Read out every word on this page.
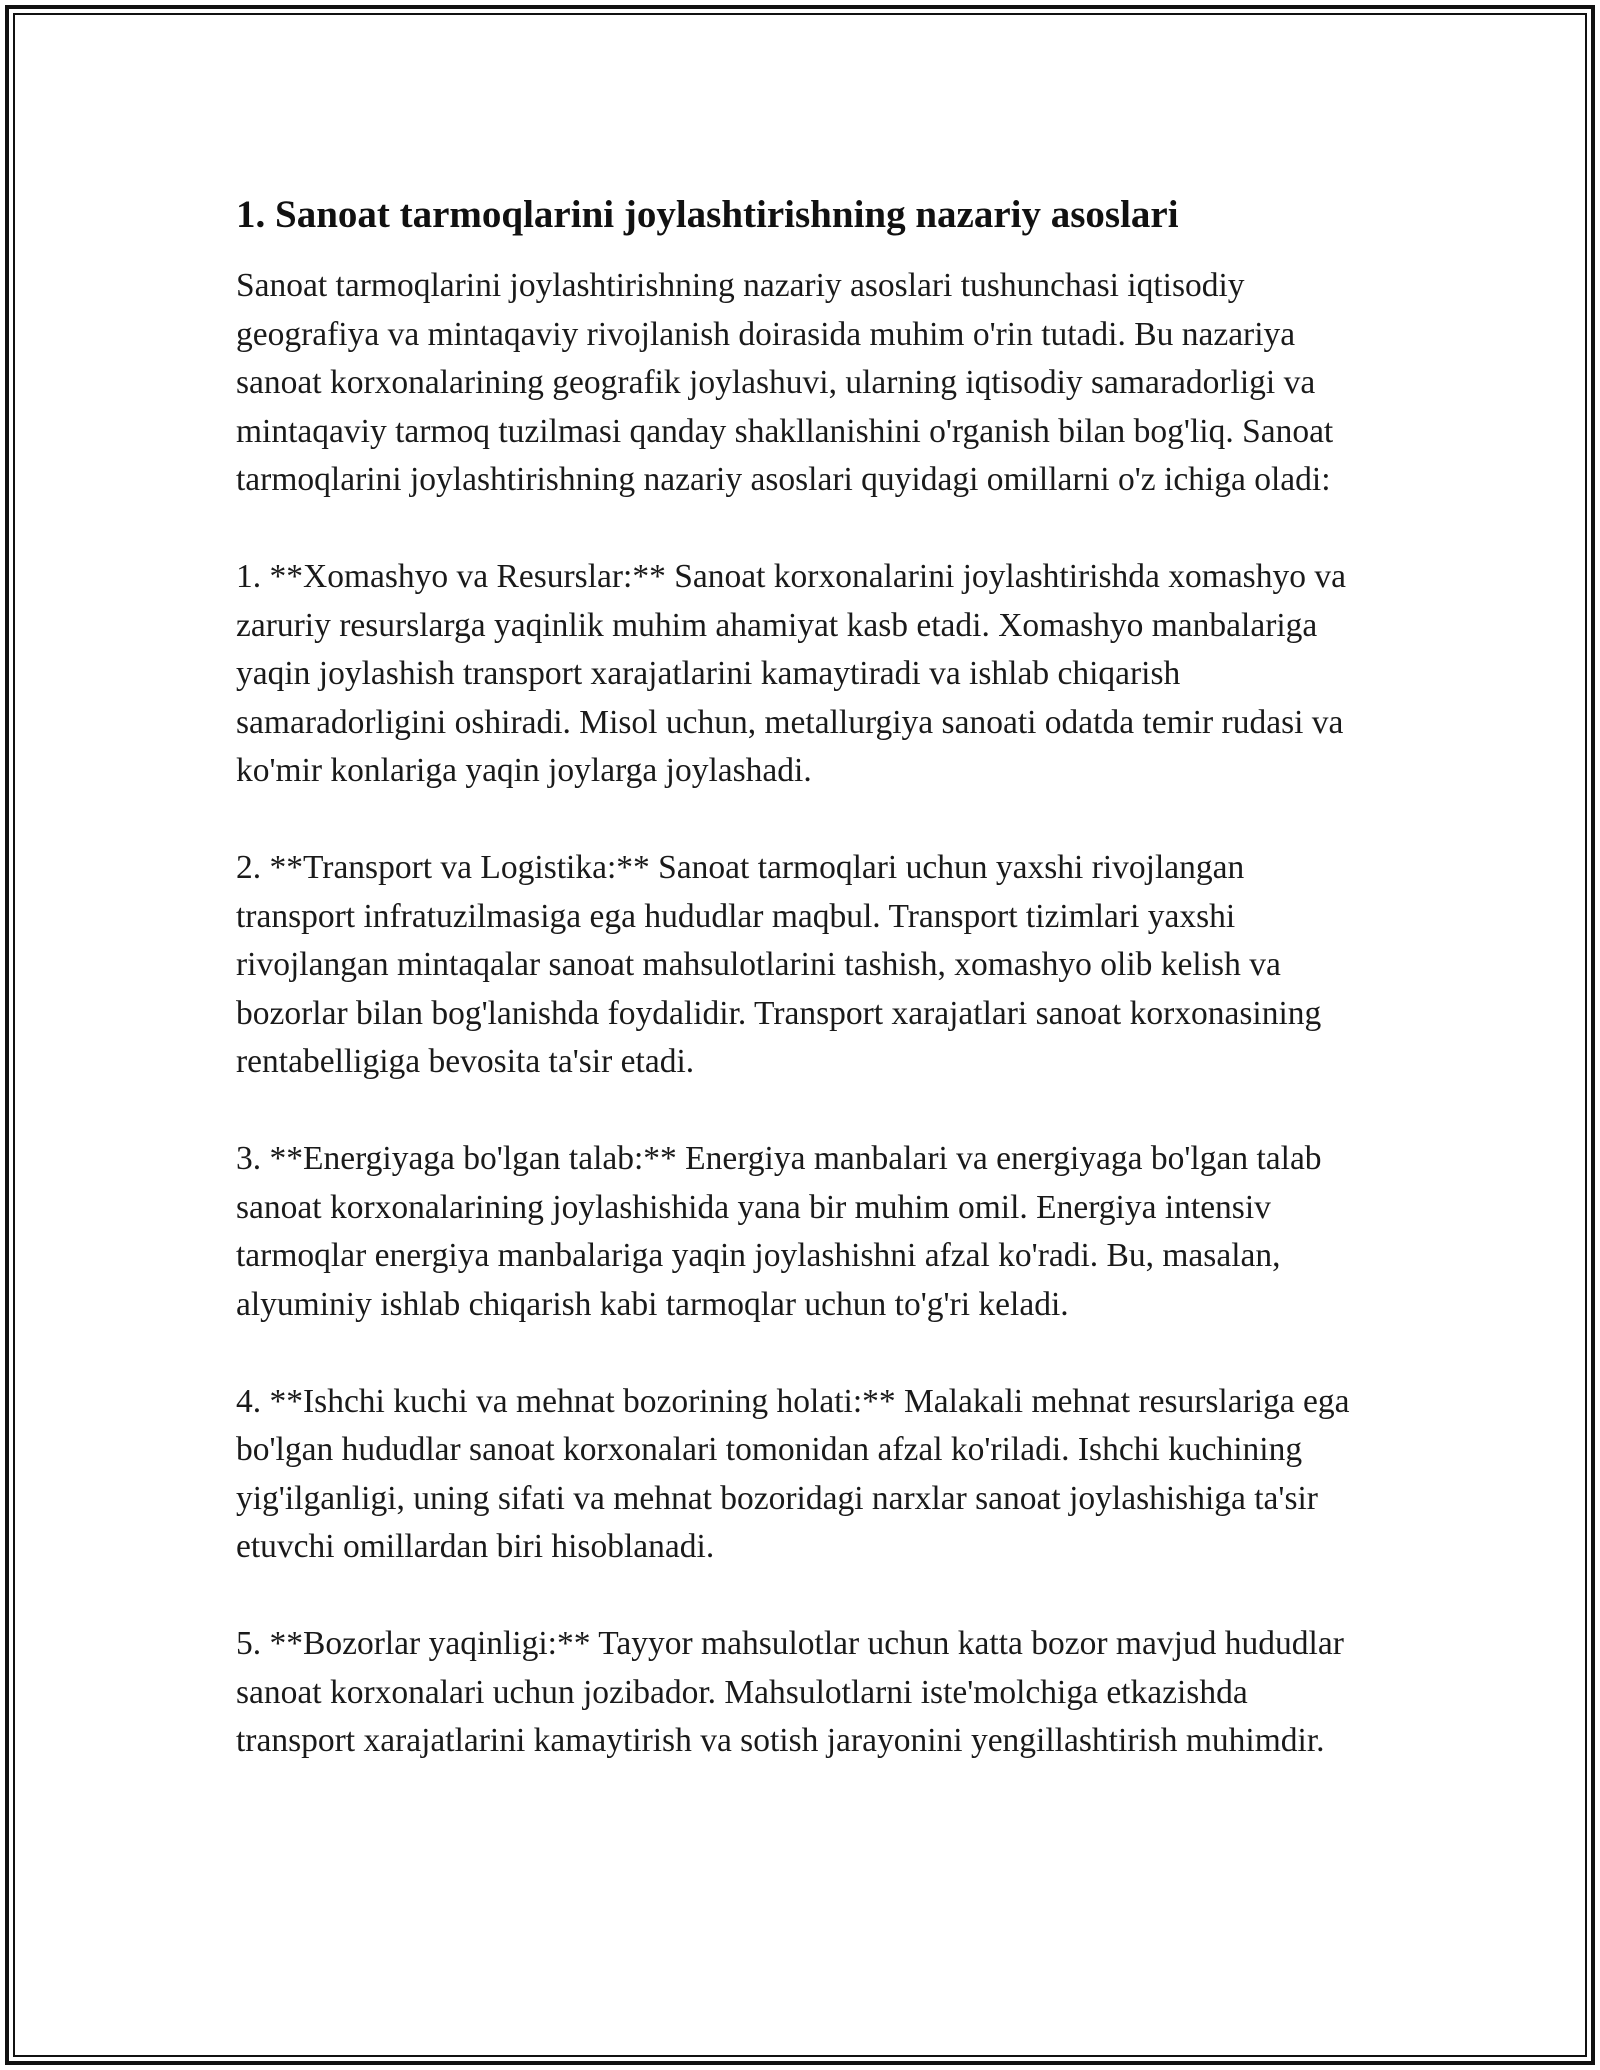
1. Sanoat tarmoqlarini joylashtirishning nazariy asoslari

Sanoat tarmoqlarini joylashtirishning nazariy asoslari tushunchasi iqtisodiy geografiya va mintaqaviy rivojlanish doirasida muhim o'rin tutadi. Bu nazariya sanoat korxonalarining geografik joylashuvi, ularning iqtisodiy samaradorligi va mintaqaviy tarmoq tuzilmasi qanday shakllanishini o'rganish bilan bog'liq. Sanoat tarmoqlarini joylashtirishning nazariy asoslari quyidagi omillarni o'z ichiga oladi:

1. **Xomashyo va Resurslar:** Sanoat korxonalarini joylashtirishda xomashyo va zaruriy resurslarga yaqinlik muhim ahamiyat kasb etadi. Xomashyo manbalariga yaqin joylashish transport xarajatlarini kamaytiradi va ishlab chiqarish samaradorligini oshiradi. Misol uchun, metallurgiya sanoati odatda temir rudasi va ko'mir konlariga yaqin joylarga joylashadi.

2. **Transport va Logistika:** Sanoat tarmoqlari uchun yaxshi rivojlangan transport infratuzilmasiga ega hududlar maqbul. Transport tizimlari yaxshi rivojlangan mintaqalar sanoat mahsulotlarini tashish, xomashyo olib kelish va bozorlar bilan bog'lanishda foydalidir. Transport xarajatlari sanoat korxonasining rentabelligiga bevosita ta'sir etadi.

3. **Energiyaga bo'lgan talab:** Energiya manbalari va energiyaga bo'lgan talab sanoat korxonalarining joylashishida yana bir muhim omil. Energiya intensiv tarmoqlar energiya manbalariga yaqin joylashishni afzal ko'radi. Bu, masalan, alyuminiy ishlab chiqarish kabi tarmoqlar uchun to'g'ri keladi.

4. **Ishchi kuchi va mehnat bozorining holati:** Malakali mehnat resurslariga ega bo'lgan hududlar sanoat korxonalari tomonidan afzal ko'riladi. Ishchi kuchining yig'ilganligi, uning sifati va mehnat bozoridagi narxlar sanoat joylashishiga ta'sir etuvchi omillardan biri hisoblanadi.

5. **Bozorlar yaqinligi:** Tayyor mahsulotlar uchun katta bozor mavjud hududlar sanoat korxonalari uchun jozibador. Mahsulotlarni iste'molchiga etkazishda transport xarajatlarini kamaytirish va sotish jarayonini yengillashtirish muhimdir.
